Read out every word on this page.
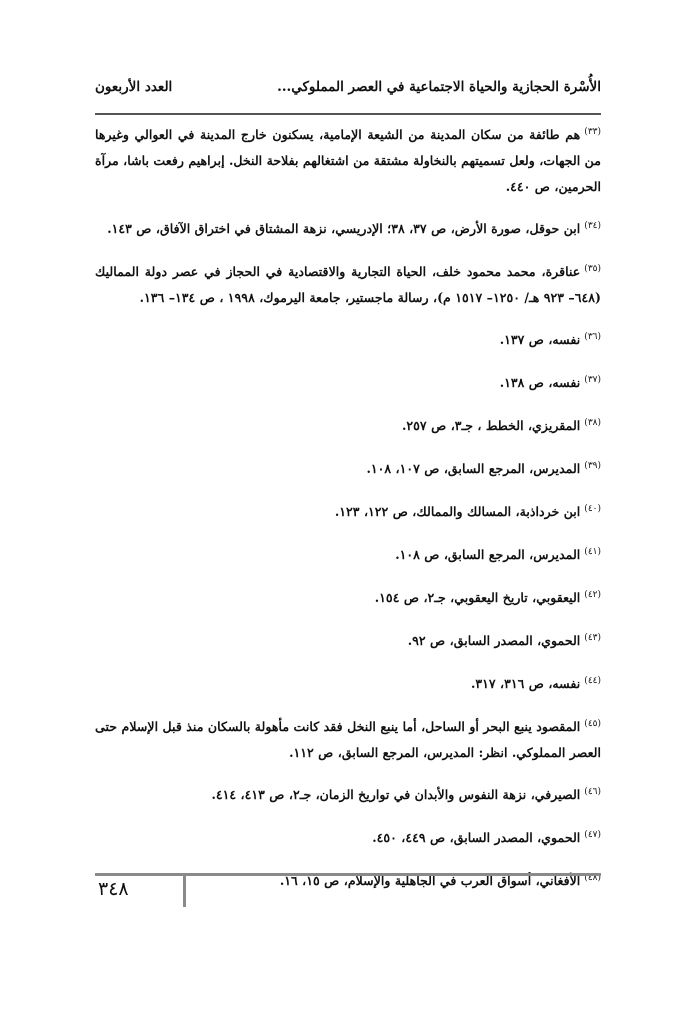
الأُسْرة الحجازية والحياة الاجتماعية في العصر المملوكي...
العدد الأربعون

$^{(٣٣)}$هم طائفة من سكان المدينة من الشيعة الإمامية، يسكنون خارج المدينة في العوالي وغيرها من الجهات، ولعل تسميتهم بالنخاولة مشتقة من اشتغالهم بفلاحة النخل. إبراهيم رفعت باشا، مرآة الحرمين، ص ٤٤٠.

$^{(٣٤)}$ابن حوقل، صورة الأرض، ص ٣٧، ٣٨؛ الإدريسي، نزهة المشتاق في اختراق الآفاق، ص ١٤٣.

$^{(٣٥)}$عناقرة، محمد محمود خلف، الحياة التجارية والاقتصادية في الحجاز في عصر دولة المماليك (٦٤٨– ٩٢٣ هـ/ ١٢٥٠– ١٥١٧ م)، رسالة ماجستير، جامعة اليرموك، ١٩٩٨ ، ص ١٣٤– ١٣٦.

$^{(٣٦)}$نفسه، ص ١٣٧.

$^{(٣٧)}$نفسه، ص ١٣٨.

$^{(٣٨)}$المقريزي، الخطط ، جـ٣، ص ٢٥٧.

$^{(٣٩)}$المديرس، المرجع السابق، ص ١٠٧، ١٠٨.

$^{(٤٠)}$ابن خرداذبة، المسالك والممالك، ص ١٢٢، ١٢٣.

$^{(٤١)}$المديرس، المرجع السابق، ص ١٠٨.

$^{(٤٢)}$اليعقوبي، تاريخ اليعقوبي، جـ٢، ص ١٥٤.

$^{(٤٣)}$الحموي، المصدر السابق، ص ٩٢.

$^{(٤٤)}$نفسه، ص ٣١٦، ٣١٧.

$^{(٤٥)}$المقصود ينبع البحر أو الساحل، أما ينبع النخل فقد كانت مأهولة بالسكان منذ قبل الإسلام حتى العصر المملوكي. انظر: المديرس، المرجع السابق، ص ١١٢.

$^{(٤٦)}$الصيرفي، نزهة النفوس والأبدان في تواريخ الزمان، جـ٢، ص ٤١٣، ٤١٤.

$^{(٤٧)}$الحموي، المصدر السابق، ص ٤٤٩، ٤٥٠.

$^{(٤٨)}$الأفغاني، أسواق العرب في الجاهلية والإسلام، ص ١٥، ١٦.

٣٤٨
